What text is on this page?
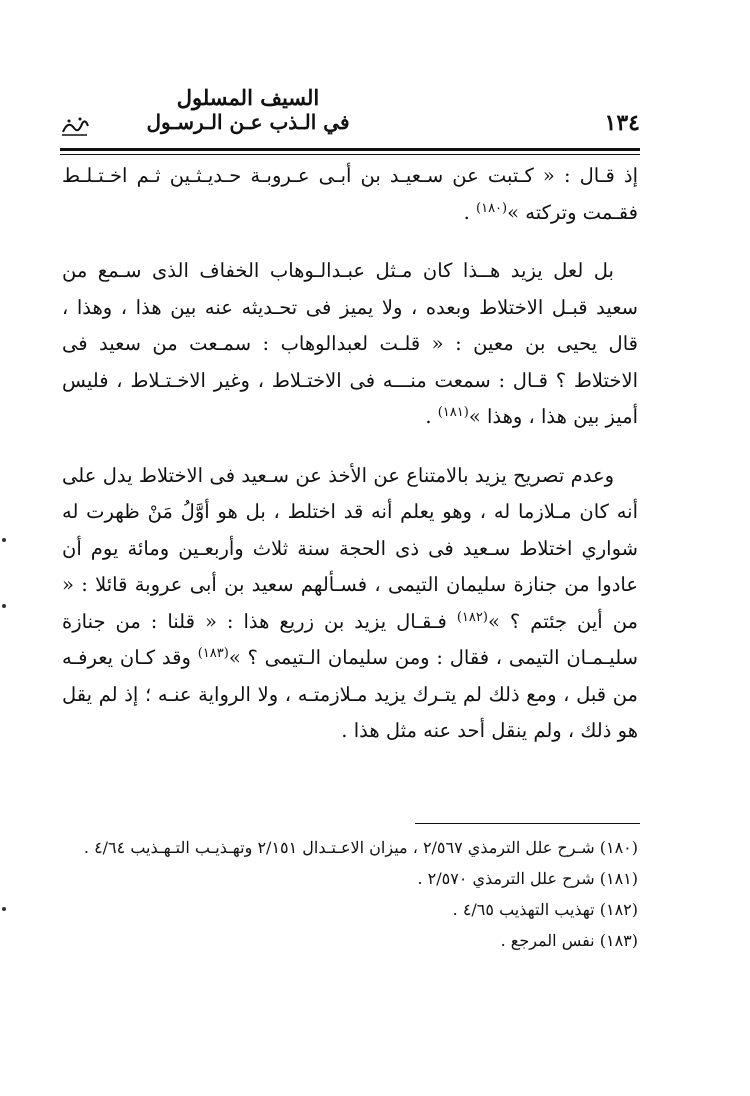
١٣٤
السيف المسلول
في الـذب عـن الـرسـول

إذ قـال : « كـتبت عن سـعيـد بن أبـى عـروبـة حـديـثـين ثـم اخـتـلـط فقـمت وتركته »$^{(١٨٠)}$ .

بل لعل يزيد هــذا كان مـثل عبـدالـوهاب الخفاف الذى سـمع من سعيد قبـل الاختلاط وبعده ، ولا يميز فى تحـديثه عنه بين هذا ، وهذا ، قال يحيى بن معين : « قلـت لعبدالوهاب : سمـعت من سعيد فى الاختلاط ؟ قـال : سمعت منـــه فى الاختـلاط ، وغير الاخـتـلاط ، فليس أميز بين هذا ، وهذا »$^{(١٨١)}$ .

وعدم تصريح يزيد بالامتناع عن الأخذ عن سـعيد فى الاختلاط يدل على أنه كان مـلازما له ، وهو يعلم أنه قد اختلط ، بل هو أوَّلُ مَنْ ظهرت له شواري اختلاط سـعيد فى ذى الحجة سنة ثلاث وأربعـين ومائة يوم أن عادوا من جنازة سليمان التيمى ، فسـألهم سعيد بن أبى عروبة قائلا : « من أين جئتم ؟ »$^{(١٨٢)}$ فـقـال يزيد بن زريع هذا : « قلنا : من جنازة سليـمـان التيمى ، فقال : ومن سليمان الـتيمى ؟ »$^{(١٨٣)}$ وقد كـان يعرفـه من قبل ، ومع ذلك لم يتـرك يزيد مـلازمتـه ، ولا الرواية عنـه ؛ إذ لم يقل هو ذلك ، ولم ينقل أحد عنه مثل هذا .

(١٨٠) شـرح علل الترمذي ٢/٥٦٧ ، ميزان الاعـتـدال ٢/١٥١ وتهـذيـب التـهـذيب ٤/٦٤ .
(١٨١) شرح علل الترمذي ٢/٥٧٠ .
(١٨٢) تهذيب التهذيب ٤/٦٥ .
(١٨٣) نفس المرجع .
